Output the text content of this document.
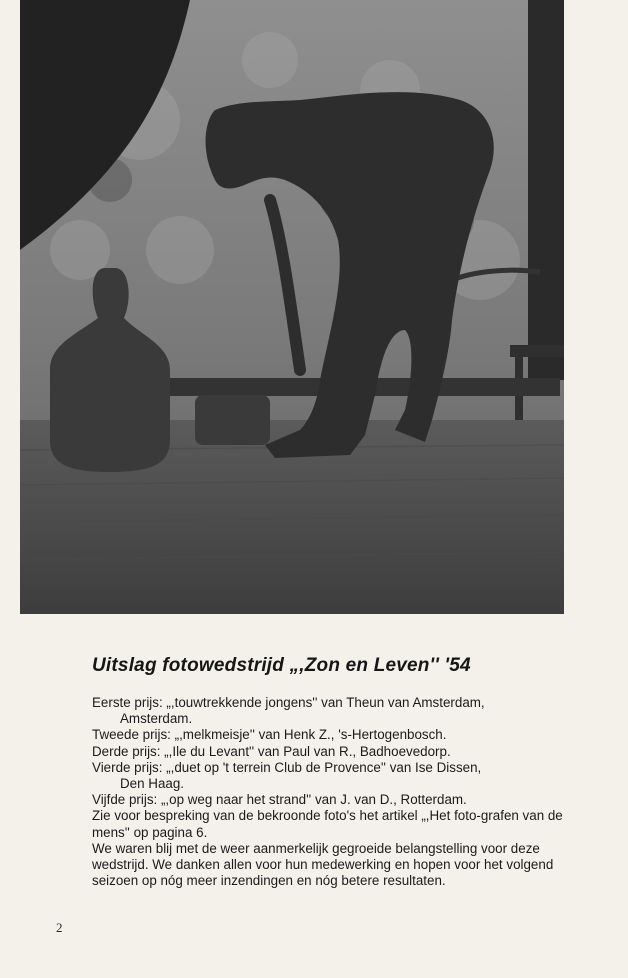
Uitslag fotowedstrijd „,Zon en Leven'' '54

Eerste prijs: „,touwtrekkende jongens'' van Theun van Amsterdam,

Amsterdam.

Tweede prijs: „,melkmeisje'' van Henk Z., 's-Hertogenbosch.

Derde prijs: „,Ile du Levant'' van Paul van R., Badhoevedorp.

Vierde prijs: „,duet op 't terrein Club de Provence'' van Ise Dissen,

Den Haag.

Vijfde prijs: „,op weg naar het strand'' van J. van D., Rotterdam.

Zie voor bespreking van de bekroonde foto's het artikel „,Het foto-grafen van de mens'' op pagina 6.

We waren blij met de weer aanmerkelijk gegroeide belangstelling voor deze wedstrijd. We danken allen voor hun medewerking en hopen voor het volgend seizoen op nóg meer inzendingen en nóg betere resultaten.

2
